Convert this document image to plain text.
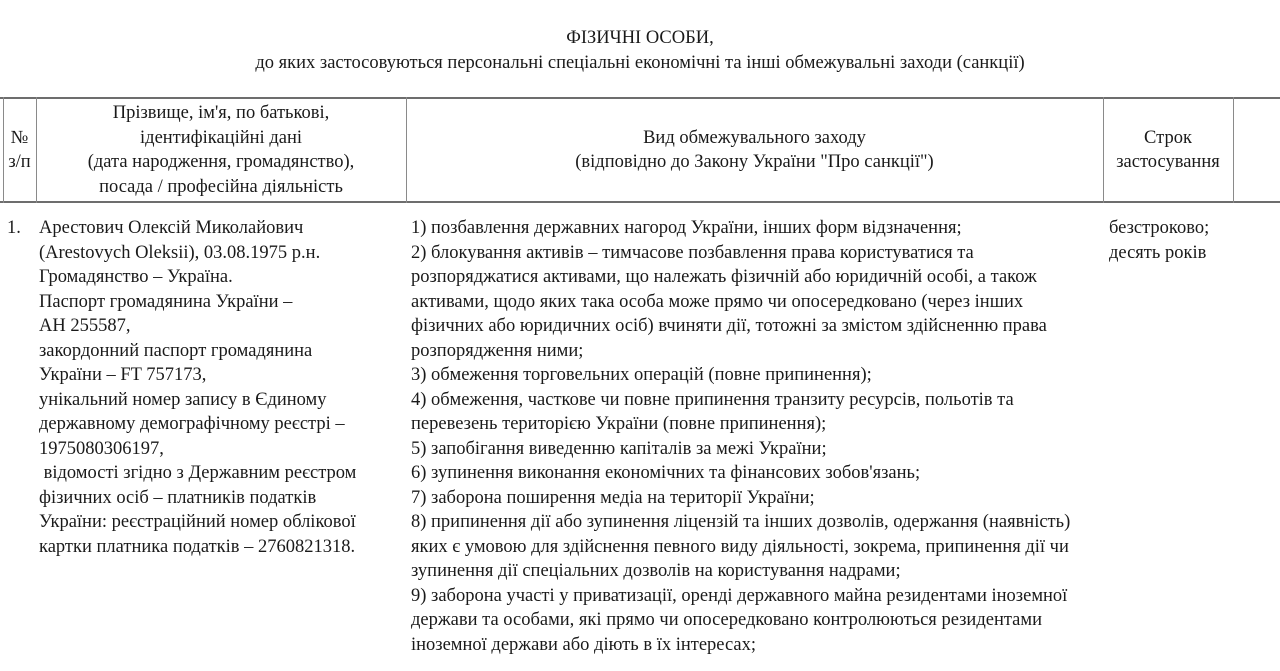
ФІЗИЧНІ ОСОБИ,
до яких застосовуються персональні спеціальні економічні та інші обмежувальні заходи (санкції)
№
з/п
Прізвище, ім'я, по батькові,
ідентифікаційні дані
(дата народження, громадянство),
посада / професійна діяльність
Вид обмежувального заходу
(відповідно до Закону України "Про санкції")
Строк
застосування
1. Арестович Олексій Миколайович
(Arestovych Oleksii), 03.08.1975 р.н.
Громадянство – Україна.
Паспорт громадянина України –
АН 255587,
закордонний паспорт громадянина
України – FT 757173,
унікальний номер запису в Єдиному
державному демографічному реєстрі –
1975080306197,
відомості згідно з Державним реєстром
фізичних осіб – платників податків
України: реєстраційний номер облікової
картки платника податків – 2760821318.

1) позбавлення державних нагород України, інших форм відзначення;

2) блокування активів – тимчасове позбавлення права користуватися та розпоряджатися активами, що належать фізичній або юридичній особі, а також активами, щодо яких така особа може прямо чи опосередковано (через інших фізичних або юридичних осіб) вчиняти дії, тотожні за змістом здійсненню права розпорядження ними;

3) обмеження торговельних операцій (повне припинення);

4) обмеження, часткове чи повне припинення транзиту ресурсів, польотів та перевезень територією України (повне припинення);

5) запобігання виведенню капіталів за межі України;

6) зупинення виконання економічних та фінансових зобов'язань;

7) заборона поширення медіа на території України;

8) припинення дії або зупинення ліцензій та інших дозволів, одержання (наявність) яких є умовою для здійснення певного виду діяльності, зокрема, припинення дії чи зупинення дії спеціальних дозволів на користування надрами;

9) заборона участі у приватизації, оренді державного майна резидентами іноземної держави та особами, які прямо чи опосередковано контролюються резидентами іноземної держави або діють в їх інтересах;

безстроково;
десять років
